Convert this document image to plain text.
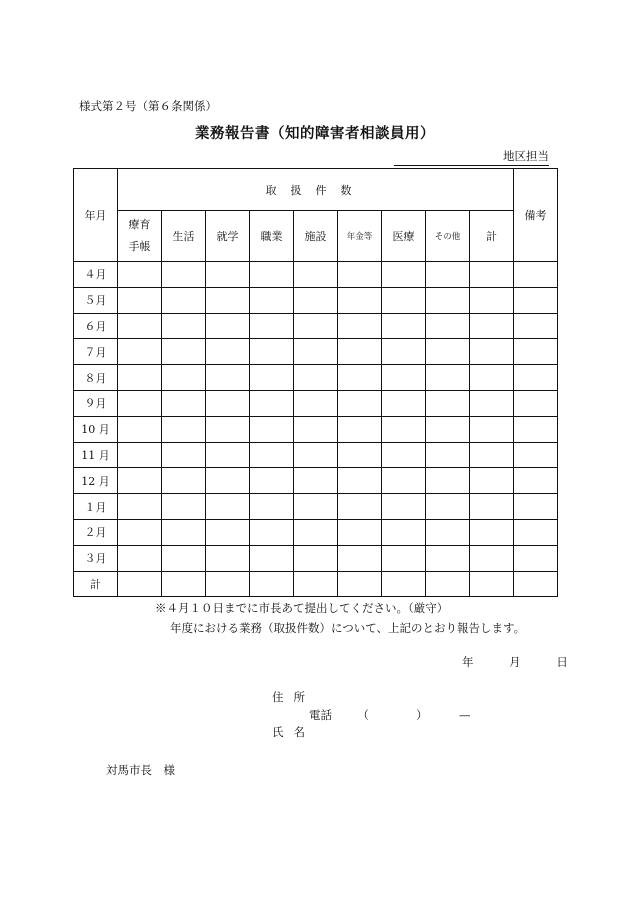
様式第２号（第６条関係）
業務報告書（知的障害者相談員用）
地区担当
年月	取扱件数									備考
	療育
手帳	生活	就学	職業	施設	年金等	医療	その他	計	
４月										
５月										
６月										
７月										
８月										
９月										
10 月										
11 月										
12 月										
１月										
２月										
３月										
計										
※４月１０日までに市長あて提出してください。（厳守）
年度における業務（取扱件数）について、上記のとおり報告します。
年	月	日
住所
電話 （	）	—
氏名
対馬市長　様
